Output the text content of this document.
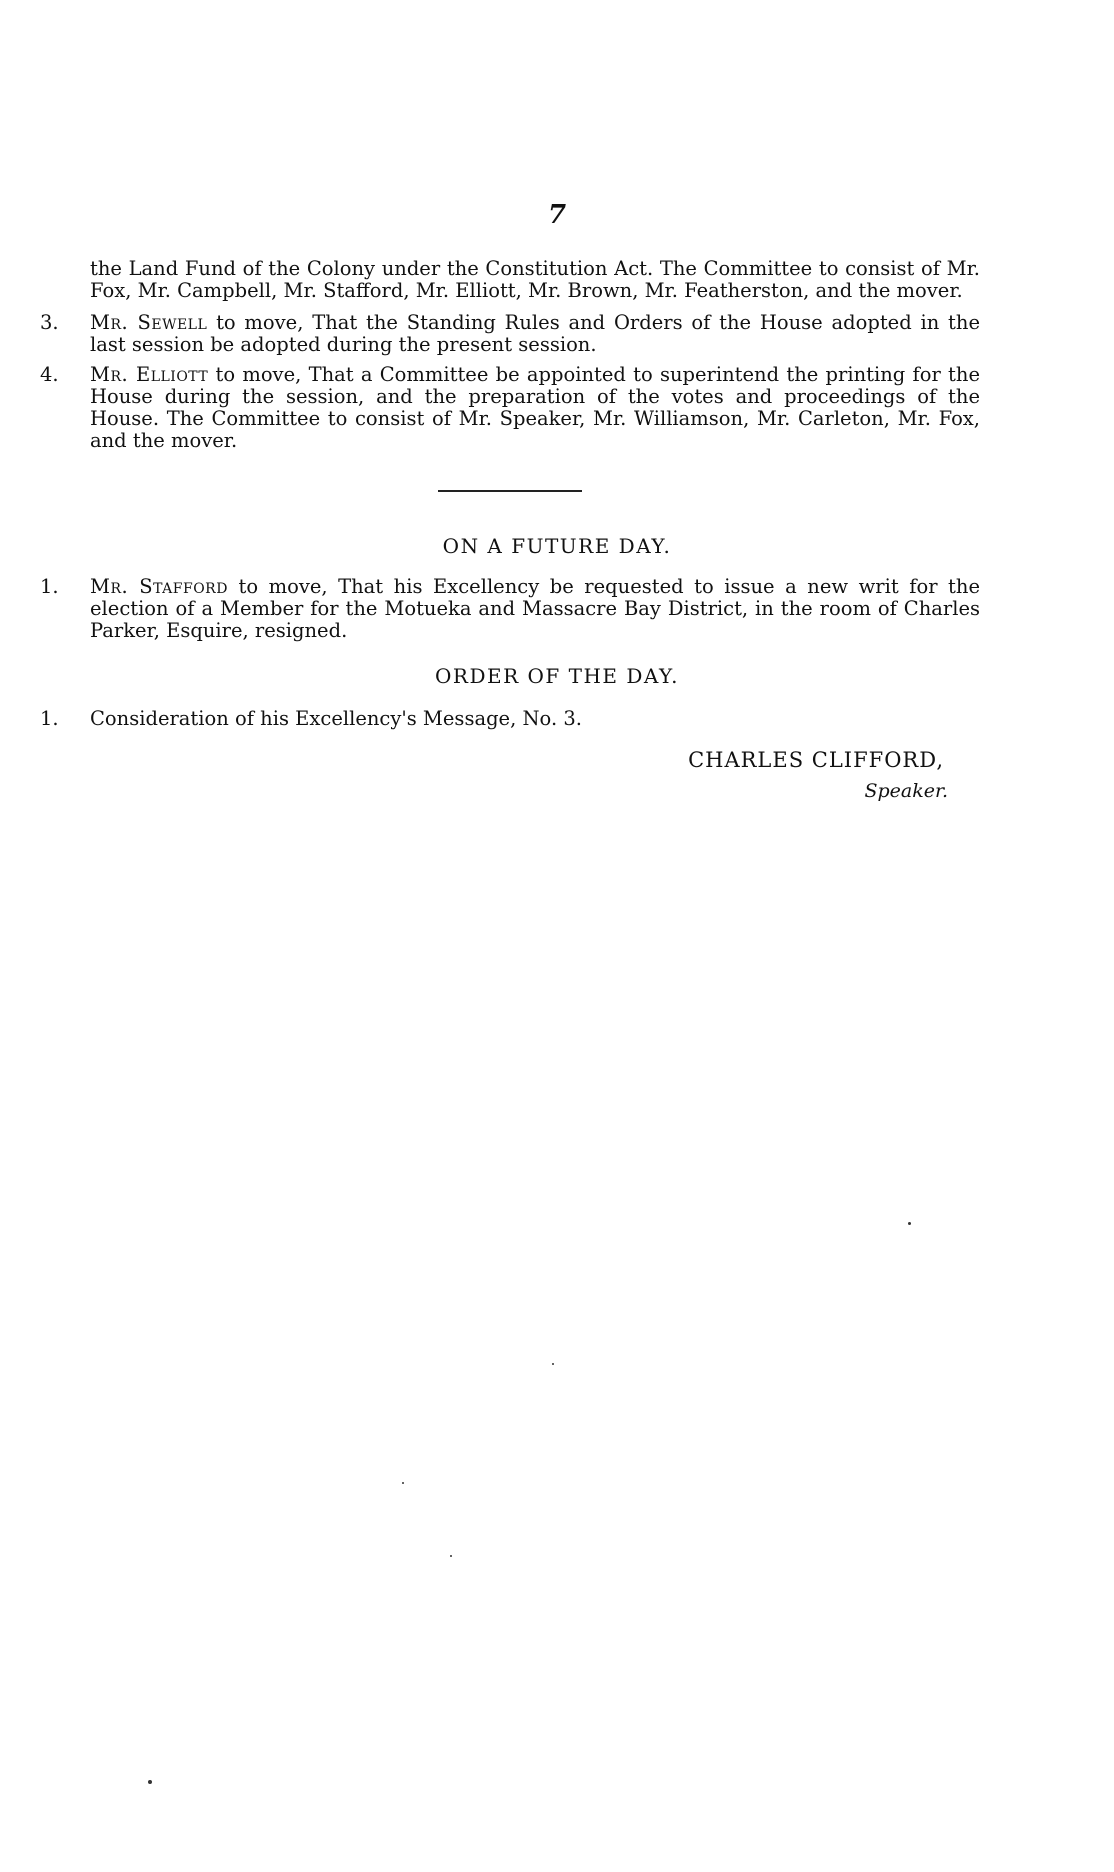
7
the Land Fund of the Colony under the Constitution Act. The Committee to consist of Mr. Fox, Mr. Campbell, Mr. Stafford, Mr. Elliott, Mr. Brown, Mr. Featherston, and the mover.
3.	Mr. Sewell to move, That the Standing Rules and Orders of the House adopted in the last session be adopted during the present session.
4.	Mr. Elliott to move, That a Committee be appointed to superintend the printing for the House during the session, and the preparation of the votes and proceedings of the House. The Committee to consist of Mr. Speaker, Mr. Williamson, Mr. Carleton, Mr. Fox, and the mover.
ON A FUTURE DAY.
1.	Mr. Stafford to move, That his Excellency be requested to issue a new writ for the election of a Member for the Motueka and Massacre Bay District, in the room of Charles Parker, Esquire, resigned.
ORDER OF THE DAY.
1.	Consideration of his Excellency's Message, No. 3.
CHARLES CLIFFORD,
Speaker.
